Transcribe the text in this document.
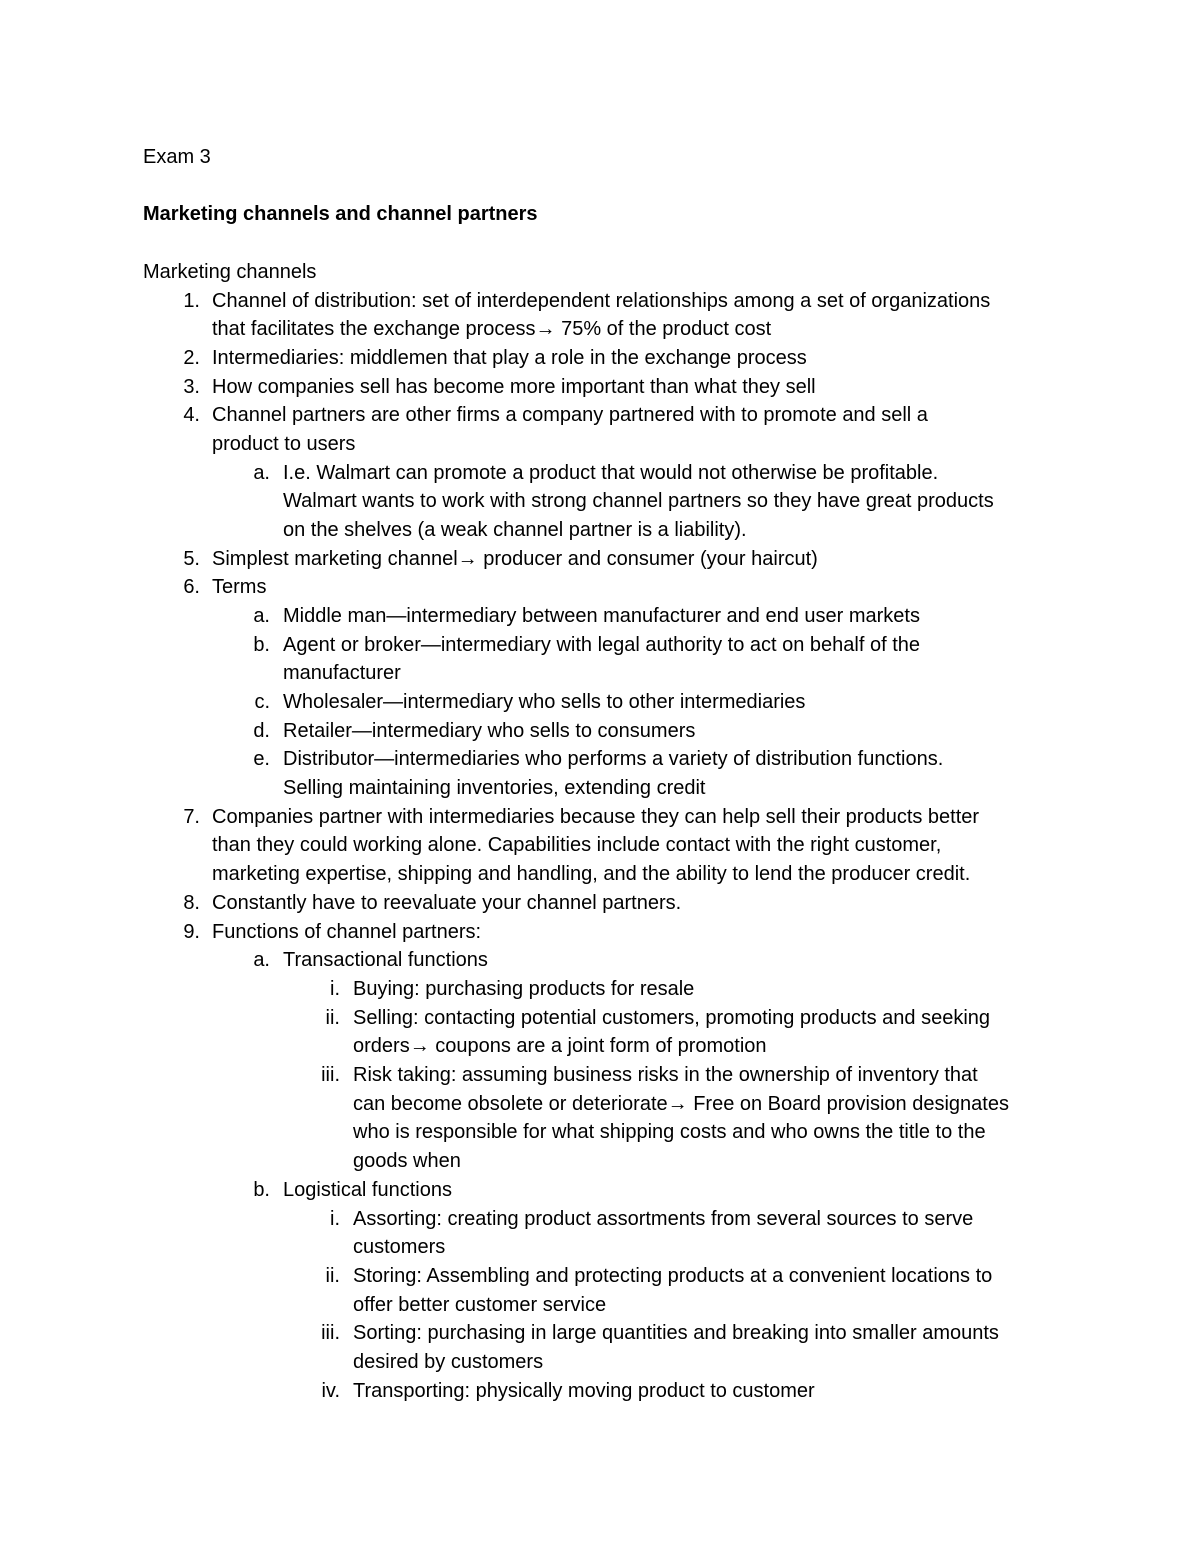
Exam 3
Marketing channels and channel partners
Marketing channels
1. Channel of distribution: set of interdependent relationships among a set of organizations
that facilitates the exchange process→ 75% of the product cost
2. Intermediaries: middlemen that play a role in the exchange process
3. How companies sell has become more important than what they sell
4. Channel partners are other firms a company partnered with to promote and sell a
product to users
a. I.e. Walmart can promote a product that would not otherwise be profitable.
Walmart wants to work with strong channel partners so they have great products
on the shelves (a weak channel partner is a liability).
5. Simplest marketing channel→ producer and consumer (your haircut)
6. Terms
a. Middle man—intermediary between manufacturer and end user markets
b. Agent or broker—intermediary with legal authority to act on behalf of the
manufacturer
c. Wholesaler—intermediary who sells to other intermediaries
d. Retailer—intermediary who sells to consumers
e. Distributor—intermediaries who performs a variety of distribution functions.
Selling maintaining inventories, extending credit
7. Companies partner with intermediaries because they can help sell their products better
than they could working alone. Capabilities include contact with the right customer,
marketing expertise, shipping and handling, and the ability to lend the producer credit.
8. Constantly have to reevaluate your channel partners.
9. Functions of channel partners:
a. Transactional functions
i. Buying: purchasing products for resale
ii. Selling: contacting potential customers, promoting products and seeking
orders→ coupons are a joint form of promotion
iii. Risk taking: assuming business risks in the ownership of inventory that
can become obsolete or deteriorate→ Free on Board provision designates
who is responsible for what shipping costs and who owns the title to the
goods when
b. Logistical functions
i. Assorting: creating product assortments from several sources to serve
customers
ii. Storing: Assembling and protecting products at a convenient locations to
offer better customer service
iii. Sorting: purchasing in large quantities and breaking into smaller amounts
desired by customers
iv. Transporting: physically moving product to customer
